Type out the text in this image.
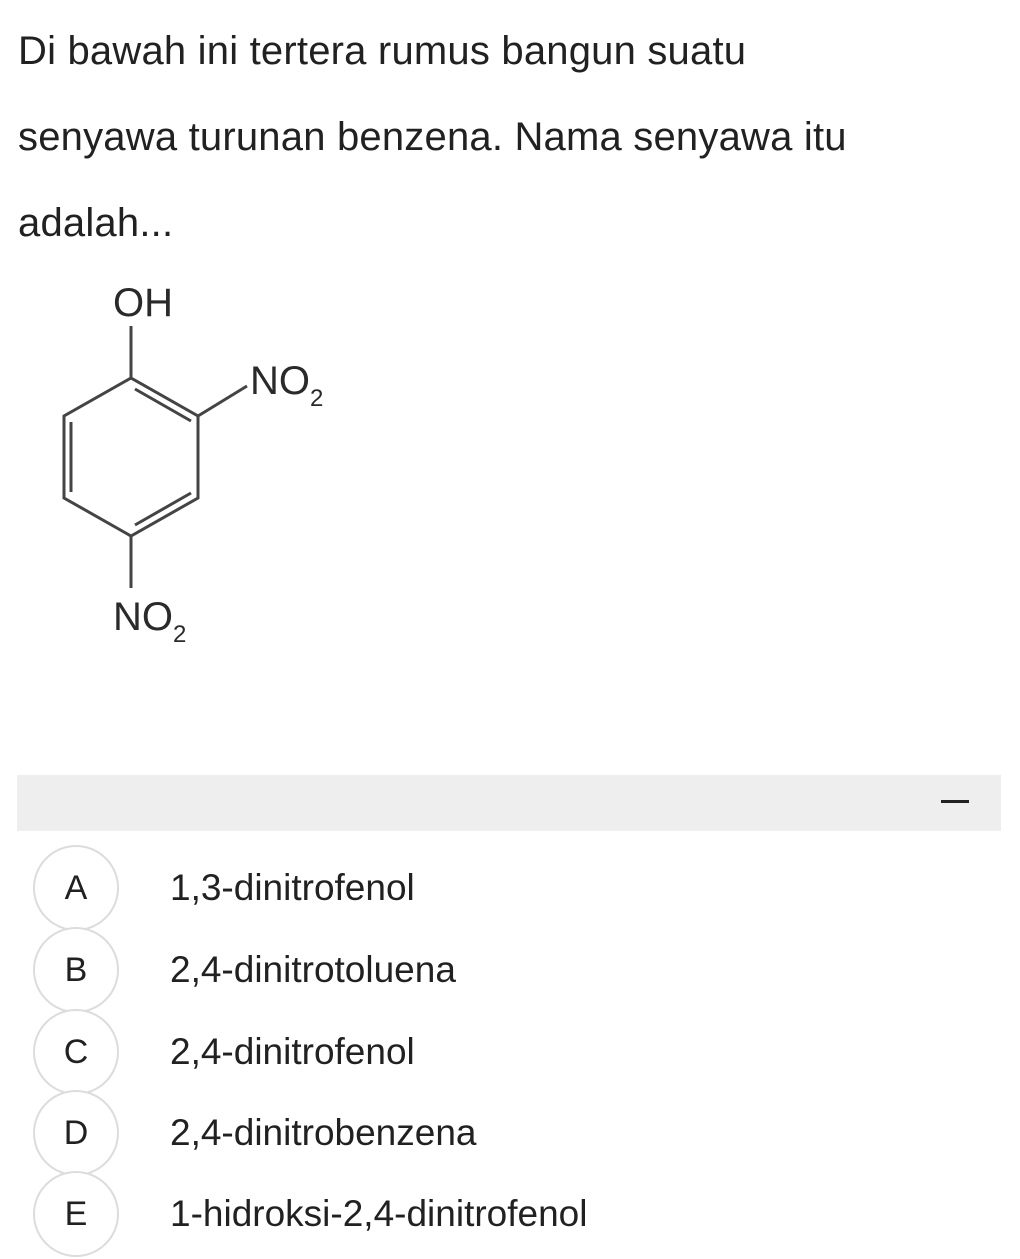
Di bawah ini tertera rumus bangun suatu
senyawa turunan benzena. Nama senyawa itu
adalah...
OH
$NO_2$
$NO_2$
A	1,3-dinitrofenol
B	2,4-dinitrotoluena
C	2,4-dinitrofenol
D	2,4-dinitrobenzena
E	1-hidroksi-2,4-dinitrofenol
